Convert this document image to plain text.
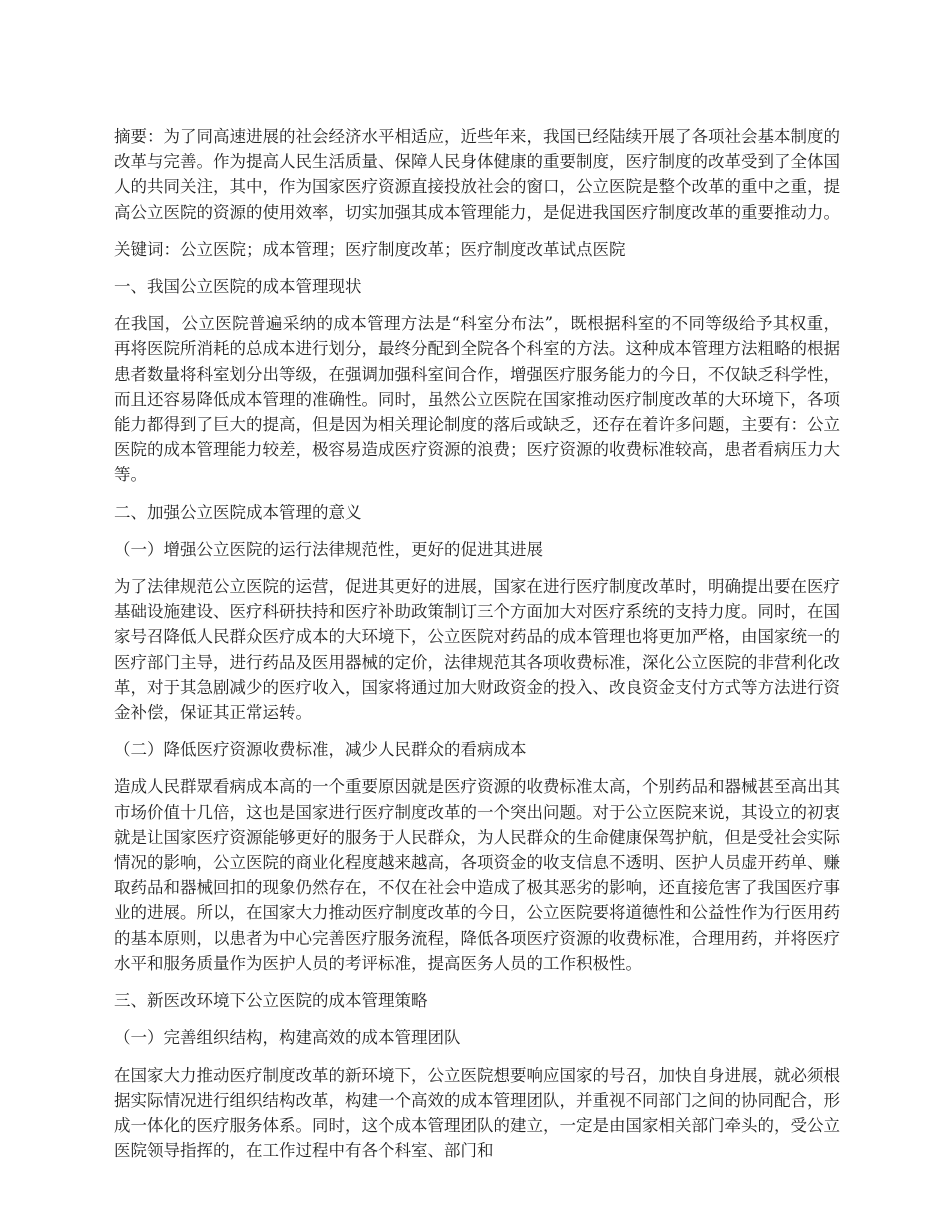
摘要：为了同高速进展的社会经济水平相适应，近些年来，我国已经陆续开展了各项社会基本制度的改革与完善。作为提高人民生活质量、保障人民身体健康的重要制度，医疗制度的改革受到了全体国人的共同关注，其中，作为国家医疗资源直接投放社会的窗口，公立医院是整个改革的重中之重，提高公立医院的资源的使用效率，切实加强其成本管理能力，是促进我国医疗制度改革的重要推动力。

关键词：公立医院；成本管理；医疗制度改革；医疗制度改革试点医院

一、我国公立医院的成本管理现状

在我国，公立医院普遍采纳的成本管理方法是“科室分布法”，既根据科室的不同等级给予其权重，再将医院所消耗的总成本进行划分，最终分配到全院各个科室的方法。这种成本管理方法粗略的根据患者数量将科室划分出等级，在强调加强科室间合作，增强医疗服务能力的今日，不仅缺乏科学性，而且还容易降低成本管理的准确性。同时，虽然公立医院在国家推动医疗制度改革的大环境下，各项能力都得到了巨大的提高，但是因为相关理论制度的落后或缺乏，还存在着许多问题，主要有：公立医院的成本管理能力较差，极容易造成医疗资源的浪费；医疗资源的收费标准较高，患者看病压力大等。

二、加强公立医院成本管理的意义

（一）增强公立医院的运行法律规范性，更好的促进其进展

为了法律规范公立医院的运营，促进其更好的进展，国家在进行医疗制度改革时，明确提出要在医疗基础设施建设、医疗科研扶持和医疗补助政策制订三个方面加大对医疗系统的支持力度。同时，在国家号召降低人民群众医疗成本的大环境下，公立医院对药品的成本管理也将更加严格，由国家统一的医疗部门主导，进行药品及医用器械的定价，法律规范其各项收费标准，深化公立医院的非营利化改革，对于其急剧减少的医疗收入，国家将通过加大财政资金的投入、改良资金支付方式等方法进行资金补偿，保证其正常运转。

（二）降低医疗资源收费标准，减少人民群众的看病成本

造成人民群眾看病成本高的一个重要原因就是医疗资源的收费标准太高，个别药品和器械甚至高出其市场价值十几倍，这也是国家进行医疗制度改革的一个突出问题。对于公立医院来说，其设立的初衷就是让国家医疗资源能够更好的服务于人民群众，为人民群众的生命健康保驾护航，但是受社会实际情况的影响，公立医院的商业化程度越来越高，各项资金的收支信息不透明、医护人员虚开药单、赚取药品和器械回扣的现象仍然存在，不仅在社会中造成了极其恶劣的影响，还直接危害了我国医疗事业的进展。所以，在国家大力推动医疗制度改革的今日，公立医院要将道德性和公益性作为行医用药的基本原则，以患者为中心完善医疗服务流程，降低各项医疗资源的收费标准，合理用药，并将医疗水平和服务质量作为医护人员的考评标准，提高医务人员的工作积极性。

三、新医改环境下公立医院的成本管理策略

（一）完善组织结构，构建高效的成本管理团队

在国家大力推动医疗制度改革的新环境下，公立医院想要响应国家的号召，加快自身进展，就必须根据实际情况进行组织结构改革，构建一个高效的成本管理团队，并重视不同部门之间的协同配合，形成一体化的医疗服务体系。同时，这个成本管理团队的建立，一定是由国家相关部门牵头的，受公立医院领导指挥的，在工作过程中有各个科室、部门和
